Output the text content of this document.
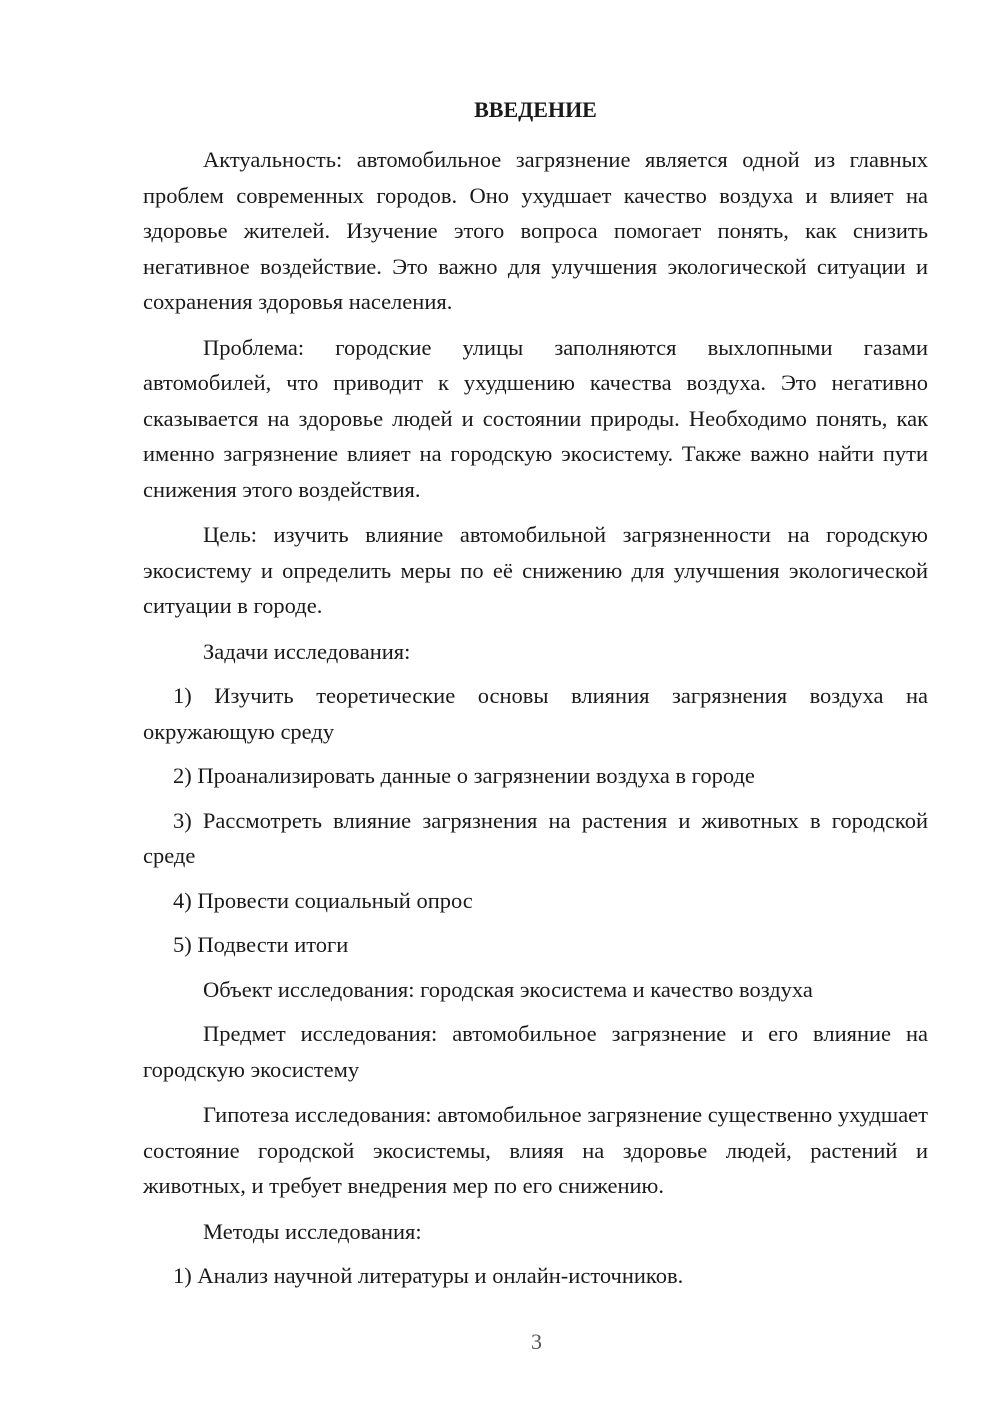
ВВЕДЕНИЕ

Актуальность: автомобильное загрязнение является одной из главных проблем современных городов. Оно ухудшает качество воздуха и влияет на здоровье жителей. Изучение этого вопроса помогает понять, как снизить негативное воздействие. Это важно для улучшения экологической ситуации и сохранения здоровья населения.

Проблема: городские улицы заполняются выхлопными газами автомобилей, что приводит к ухудшению качества воздуха. Это негативно сказывается на здоровье людей и состоянии природы. Необходимо понять, как именно загрязнение влияет на городскую экосистему. Также важно найти пути снижения этого воздействия.

Цель: изучить влияние автомобильной загрязненности на городскую экосистему и определить меры по её снижению для улучшения экологической ситуации в городе.

Задачи исследования:

1) Изучить теоретические основы влияния загрязнения воздуха на окружающую среду

2) Проанализировать данные о загрязнении воздуха в городе

3) Рассмотреть влияние загрязнения на растения и животных в городской среде

4) Провести социальный опрос

5) Подвести итоги

Объект исследования: городская экосистема и качество воздуха

Предмет исследования: автомобильное загрязнение и его влияние на городскую экосистему

Гипотеза исследования: автомобильное загрязнение существенно ухудшает состояние городской экосистемы, влияя на здоровье людей, растений и животных, и требует внедрения мер по его снижению.

Методы исследования:

1) Анализ научной литературы и онлайн-источников.

3
